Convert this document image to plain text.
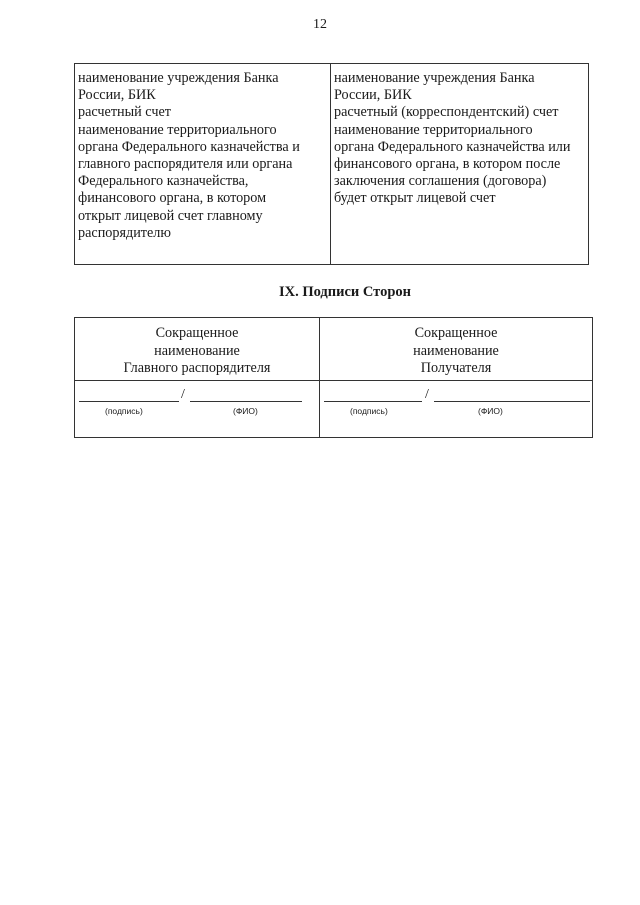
12
наименование учреждения Банка
России, БИК
расчетный счет
наименование территориального
органа Федерального казначейства и
главного распорядителя или органа
Федерального казначейства,
финансового органа, в котором
открыт лицевой счет главному
распорядителю
наименование учреждения Банка
России, БИК
расчетный (корреспондентский) счет
наименование территориального
органа Федерального казначейства или
финансового органа, в котором после
заключения соглашения (договора)
будет открыт лицевой счет
IX. Подписи Сторон
Сокращенное
наименование
Главного распорядителя
Сокращенное
наименование
Получателя
/
(подпись)	(ФИО)
/
(подпись)	(ФИО)
